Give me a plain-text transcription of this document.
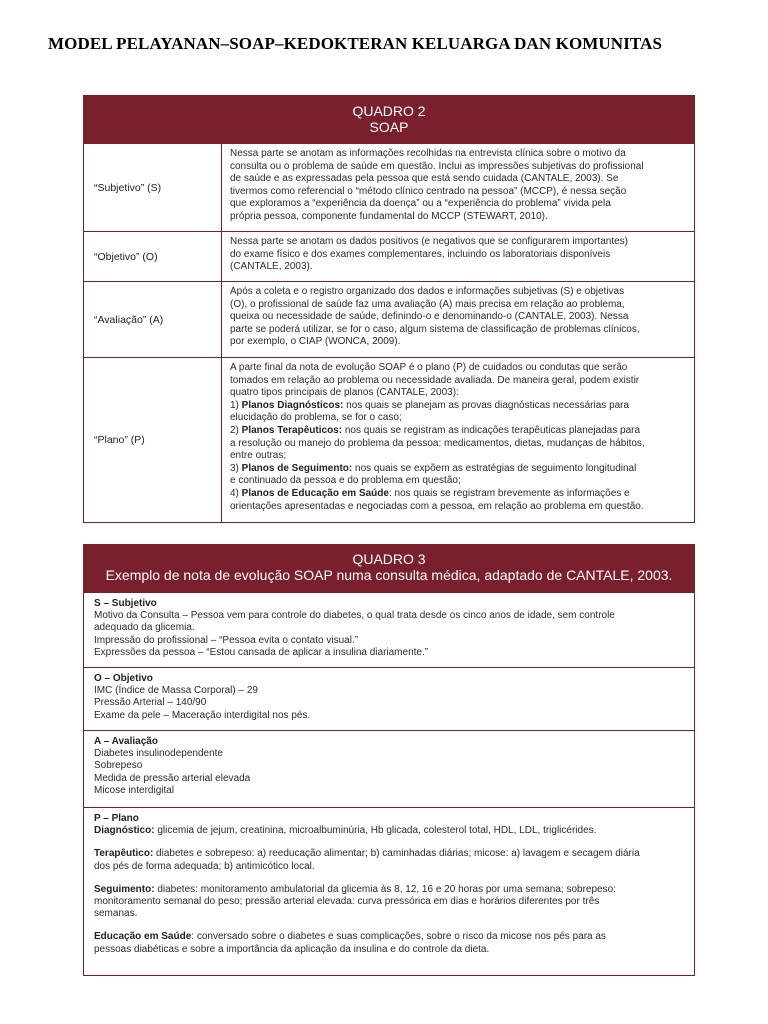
MODEL PELAYANAN–SOAP–KEDOKTERAN KELUARGA DAN KOMUNITAS
QUADRO 2
SOAP
“Subjetivo” (S)
Nessa parte se anotam as informações recolhidas na entrevista clínica sobre o motivo da
consulta ou o problema de saúde em questão. Inclui as impressões subjetivas do profissional
de saúde e as expressadas pela pessoa que está sendo cuidada (CANTALE, 2003). Se
tivermos como referencial o “método clínico centrado na pessoa” (MCCP), é nessa seção
que exploramos a “experiência da doença” ou a “experiência do problema” vivida pela
própria pessoa, componente fundamental do MCCP (STEWART, 2010).
“Objetivo” (O)
Nessa parte se anotam os dados positivos (e negativos que se configurarem importantes)
do exame físico e dos exames complementares, incluindo os laboratoriais disponíveis
(CANTALE, 2003).
“Avaliação” (A)
Após a coleta e o registro organizado dos dados e informações subjetivas (S) e objetivas
(O), o profissional de saúde faz uma avaliação (A) mais precisa em relação ao problema,
queixa ou necessidade de saúde, definindo-o e denominando-o (CANTALE, 2003). Nessa
parte se poderá utilizar, se for o caso, algum sistema de classificação de problemas clínicos,
por exemplo, o CIAP (WONCA, 2009).
“Plano” (P)
A parte final da nota de evolução SOAP é o plano (P) de cuidados ou condutas que serão
tomados em relação ao problema ou necessidade avaliada. De maneira geral, podem existir
quatro tipos principais de planos (CANTALE, 2003):
1) Planos Diagnósticos: nos quais se planejam as provas diagnósticas necessárias para
elucidação do problema, se for o caso;
2) Planos Terapêuticos: nos quais se registram as indicações terapêuticas planejadas para
a resolução ou manejo do problema da pessoa: medicamentos, dietas, mudanças de hábitos,
entre outras;
3) Planos de Seguimento: nos quais se expõem as estratégias de seguimento longitudinal
e continuado da pessoa e do problema em questão;
4) Planos de Educação em Saúde: nos quais se registram brevemente as informações e
orientações apresentadas e negociadas com a pessoa, em relação ao problema em questão.
QUADRO 3
Exemplo de nota de evolução SOAP numa consulta médica, adaptado de CANTALE, 2003.
S – Subjetivo
Motivo da Consulta – Pessoa vem para controle do diabetes, o qual trata desde os cinco anos de idade, sem controle
adequado da glicemia.
Impressão do profissional – “Pessoa evita o contato visual.”
Expressões da pessoa – “Estou cansada de aplicar a insulina diariamente.”
O – Objetivo
IMC (Índice de Massa Corporal) – 29
Pressão Arterial – 140/90
Exame da pele – Maceração interdigital nos pés.
A – Avaliação
Diabetes insulinodependente
Sobrepeso
Medida de pressão arterial elevada
Micose interdigital
P – Plano
Diagnóstico: glicemia de jejum, creatinina, microalbuminúria, Hb glicada, colesterol total, HDL, LDL, triglicérides.
Terapêutico: diabetes e sobrepeso: a) reeducação alimentar; b) caminhadas diárias; micose: a) lavagem e secagem diária
dos pés de forma adequada; b) antimicótico local.
Seguimento: diabetes: monitoramento ambulatorial da glicemia às 8, 12, 16 e 20 horas por uma semana; sobrepeso:
monitoramento semanal do peso; pressão arterial elevada: curva pressórica em dias e horários diferentes por três
semanas.
Educação em Saúde: conversado sobre o diabetes e suas complicações, sobre o risco da micose nos pés para as
pessoas diabéticas e sobre a importância da aplicação da insulina e do controle da dieta.
